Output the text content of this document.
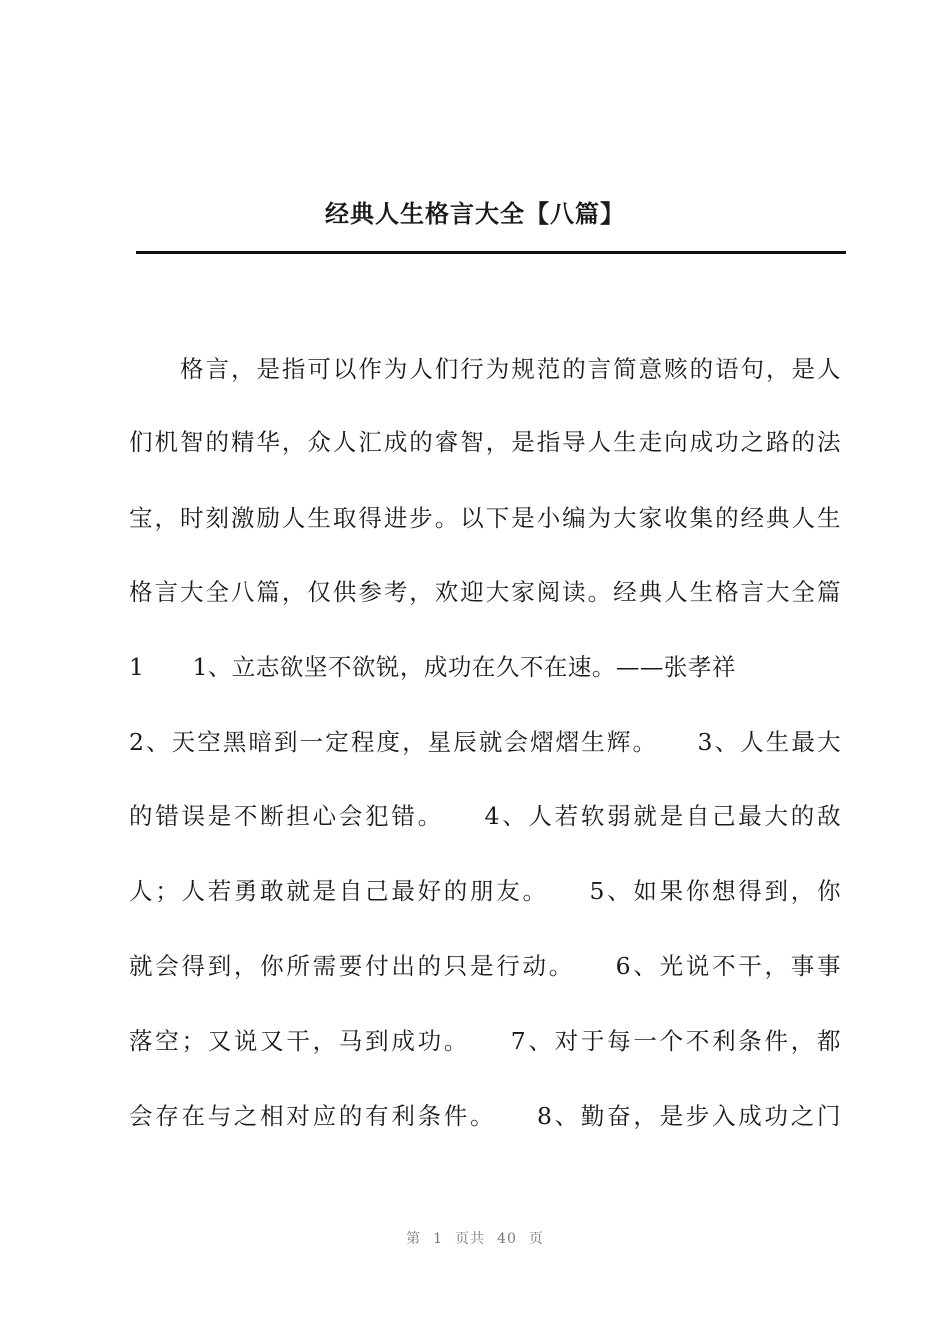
经典人生格言大全【八篇】
格言，是指可以作为人们行为规范的言简意赅的语句，是人
们机智的精华，众人汇成的睿智，是指导人生走向成功之路的法
宝，时刻激励人生取得进步。以下是小编为大家收集的经典人生
格言大全八篇，仅供参考，欢迎大家阅读。经典人生格言大全篇
1　　1、立志欲坚不欲锐，成功在久不在速。——张孝祥
2、天空黑暗到一定程度，星辰就会熠熠生辉。　　3、人生最大
的错误是不断担心会犯错。　　4、人若软弱就是自己最大的敌
人；人若勇敢就是自己最好的朋友。　　5、如果你想得到，你
就会得到，你所需要付出的只是行动。　　6、光说不干，事事
落空；又说又干，马到成功。　　7、对于每一个不利条件，都
会存在与之相对应的有利条件。　　8、勤奋，是步入成功之门
第 1 页共 40 页
